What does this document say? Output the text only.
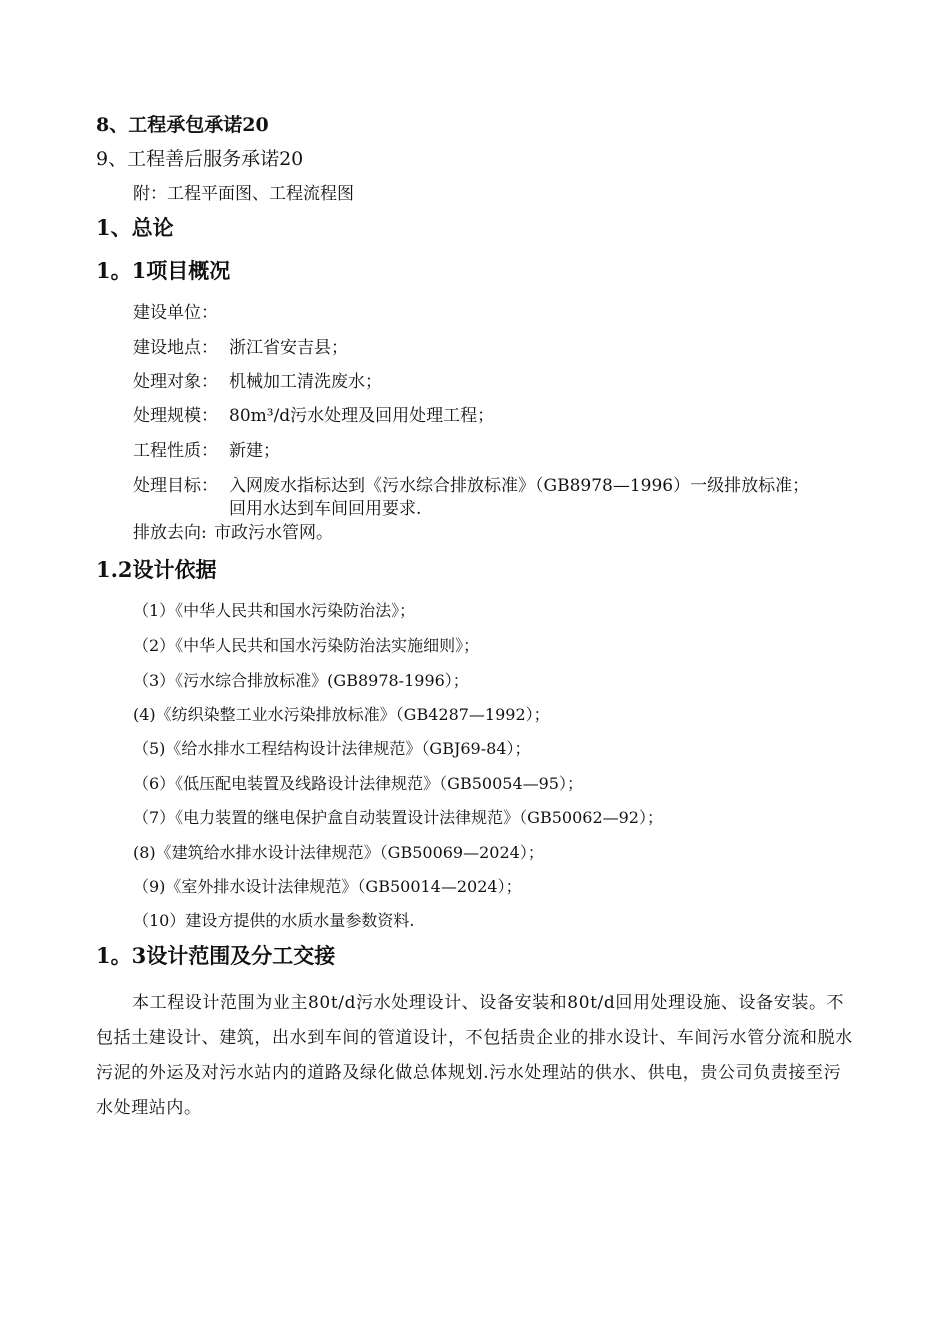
8、工程承包承诺20
9、工程善后服务承诺20
附：工程平面图、工程流程图
1、总论
1。1项目概况
建设单位：
建设地点： 浙江省安吉县；
处理对象： 机械加工清洗废水；
处理规模： 80m³/d污水处理及回用处理工程；
工程性质： 新建；
处理目标： 入网废水指标达到《污水综合排放标准》（GB8978—1996）一级排放标准；
回用水达到车间回用要求.
排放去向: 市政污水管网。
1.2设计依据
（1）《中华人民共和国水污染防治法》；
（2）《中华人民共和国水污染防治法实施细则》；
（3）《污水综合排放标准》(GB8978-1996）；
(4)《纺织染整工业水污染排放标准》（GB4287—1992）；
（5)《给水排水工程结构设计法律规范》（GBJ69-84）；
（6）《低压配电装置及线路设计法律规范》（GB50054—95）；
（7）《电力装置的继电保护盒自动装置设计法律规范》（GB50062—92）；
(8)《建筑给水排水设计法律规范》（GB50069—2024）；
（9)《室外排水设计法律规范》（GB50014—2024）；
（10）建设方提供的水质水量参数资料.
1。3设计范围及分工交接
本工程设计范围为业主80t/d污水处理设计、设备安装和80t/d回用处理设施、设备安装。不包括土建设计、建筑，出水到车间的管道设计，不包括贵企业的排水设计、车间污水管分流和脱水污泥的外运及对污水站内的道路及绿化做总体规划.污水处理站的供水、供电，贵公司负责接至污水处理站内。
